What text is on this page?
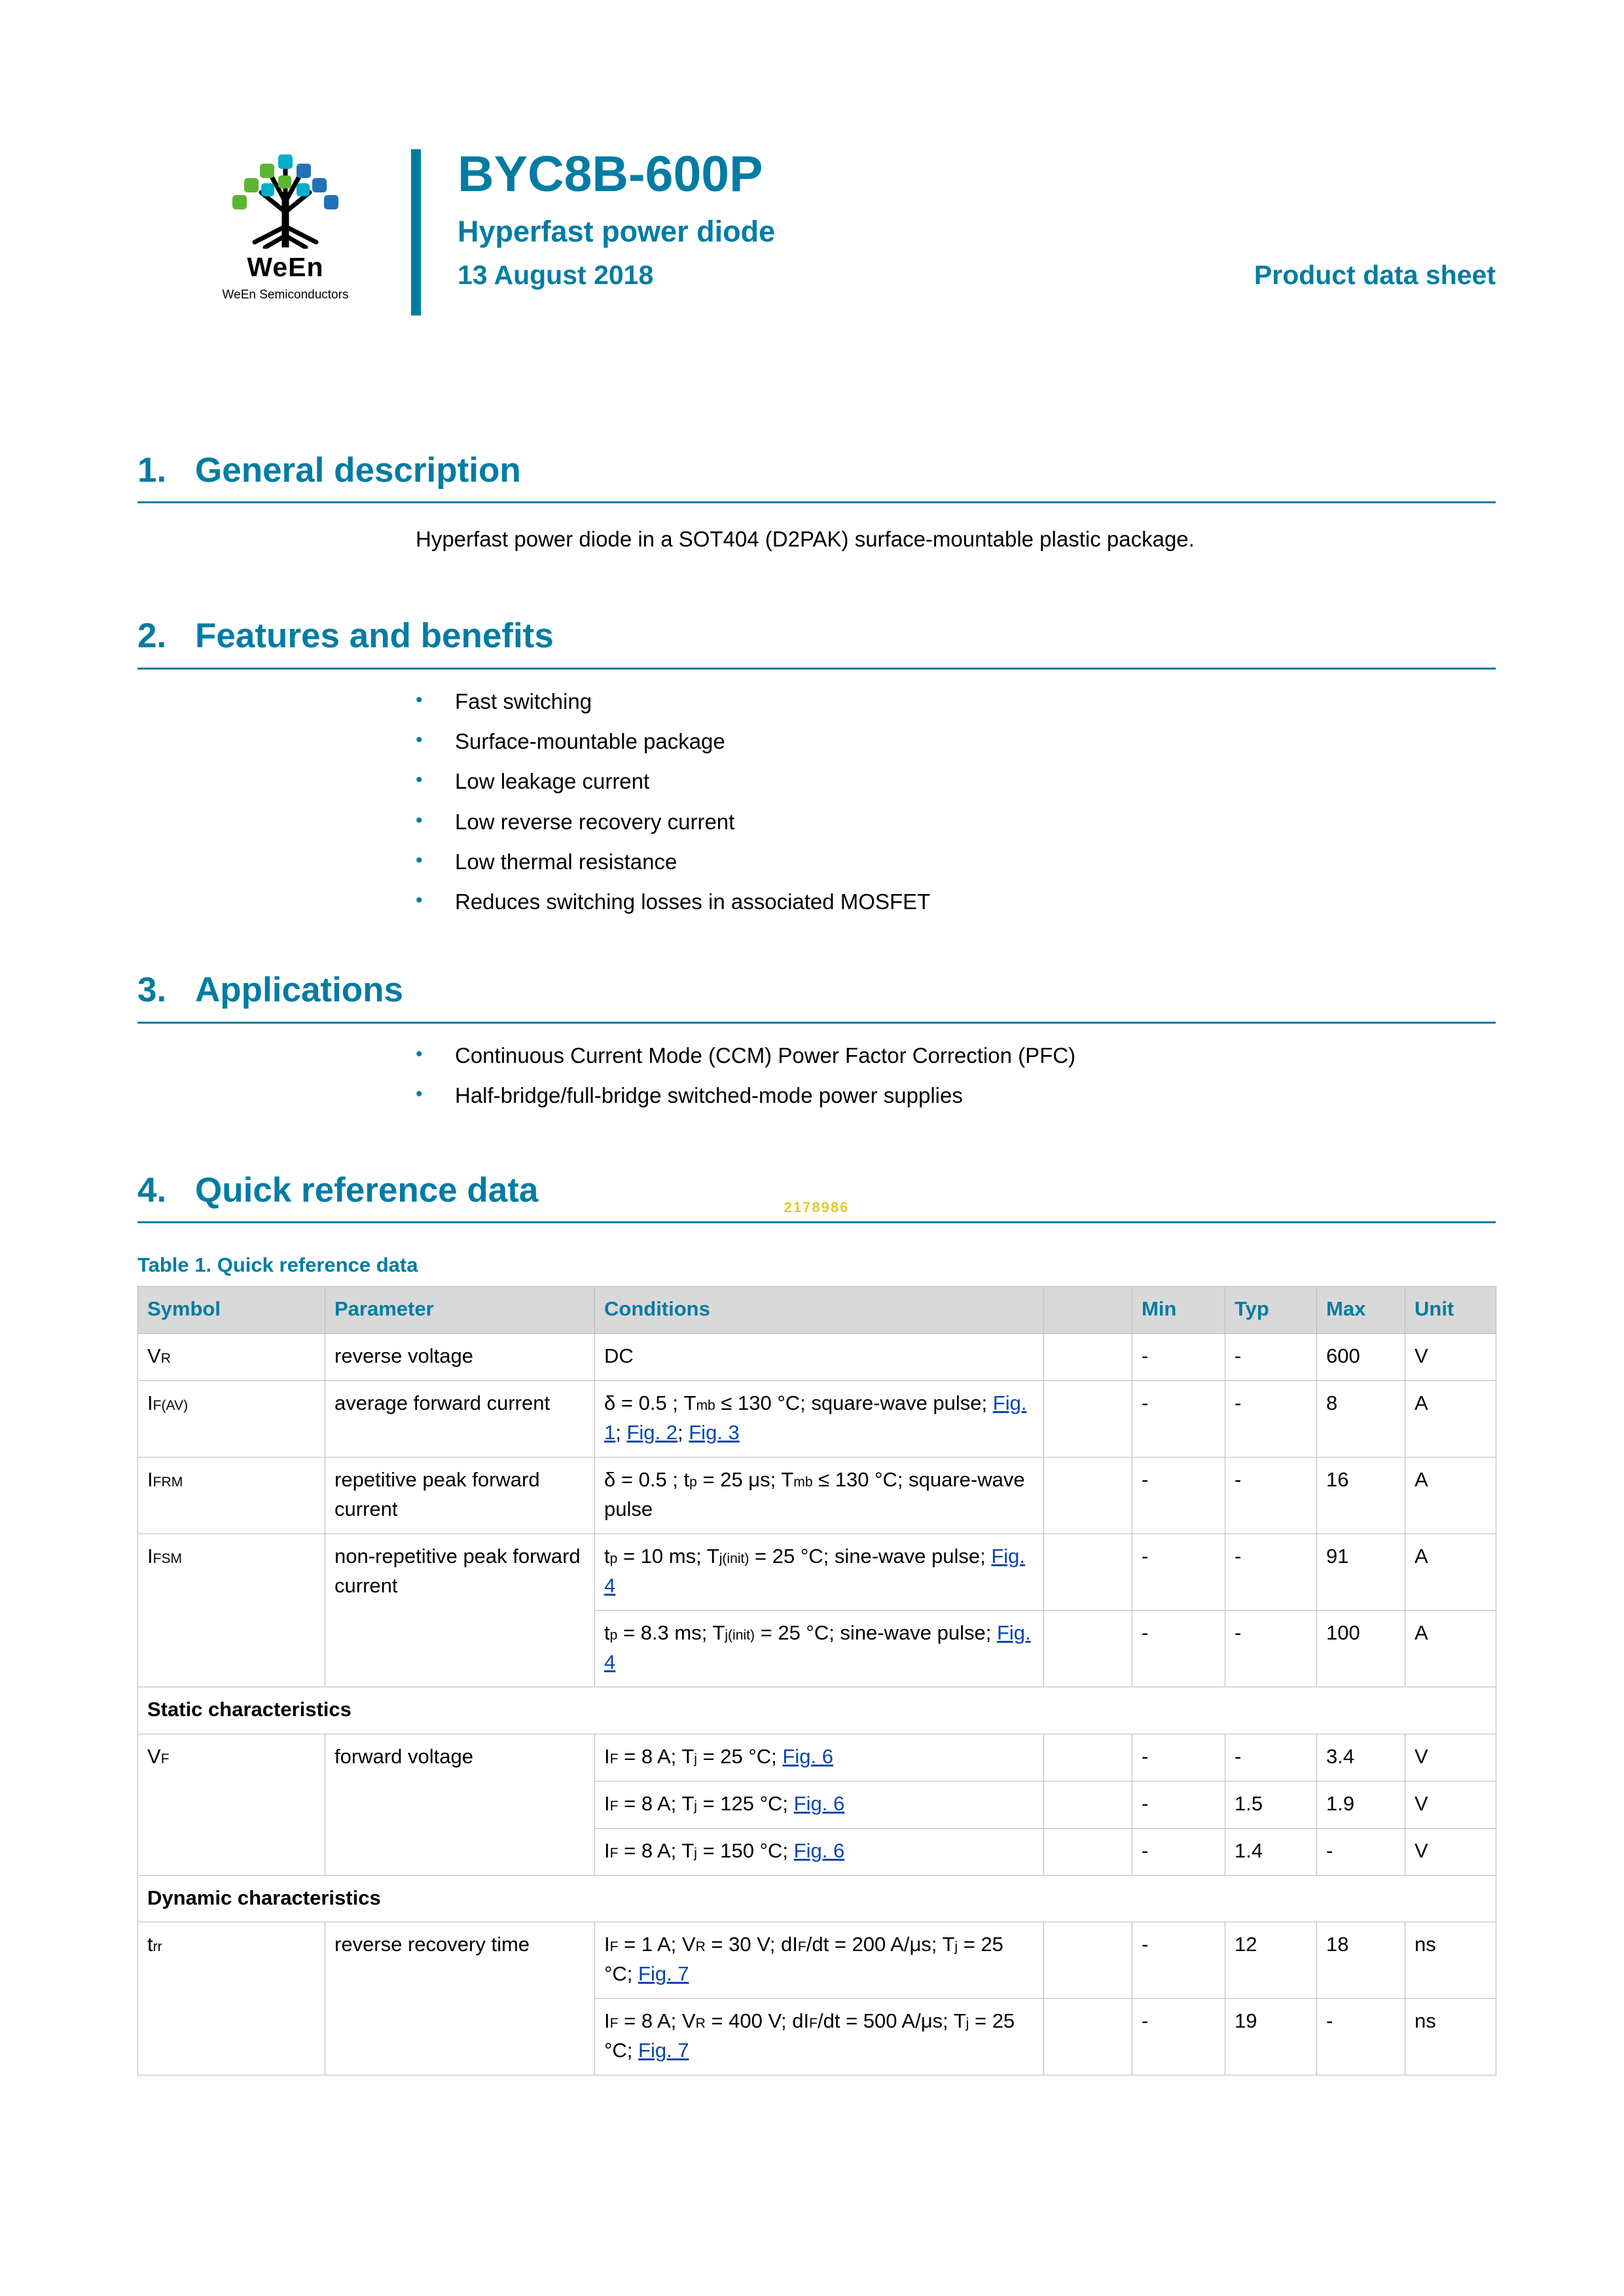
WeEn
WeEn Semiconductors
BYC8B-600P
Hyperfast power diode
13 August 2018	Product data sheet
1. General description

Hyperfast power diode in a SOT404 (D2PAK) surface-mountable plastic package.

2. Features and benefits
•	Fast switching
•	Surface-mountable package
•	Low leakage current
•	Low reverse recovery current
•	Low thermal resistance
•	Reduces switching losses in associated MOSFET
3. Applications
•	Continuous Current Mode (CCM) Power Factor Correction (PFC)
•	Half-bridge/full-bridge switched-mode power supplies
4. Quick reference data	2178986
Table 1. Quick reference data
Symbol	Parameter	Conditions		Min	Typ	Max	Unit
$V_R$	reverse voltage	DC		-	-	600	V
$I_{F(AV)}$	average forward current	δ = 0.5 ; $T_{mb} \le 130$ °C; square-wave pulse; Fig. 1; Fig. 2; Fig. 3		-	-	8	A
$I_{FRM}$	repetitive peak forward current	δ = 0.5 ; $t_p = 25$ μs; $T_{mb} \le 130$ °C; square-wave pulse		-	-	16	A
$I_{FSM}$	non-repetitive peak forward current	$t_p = 10$ ms; $T_{j(init)} = 25$ °C; sine-wave pulse; Fig. 4		-	-	91	A
		$t_p = 8.3$ ms; $T_{j(init)} = 25$ °C; sine-wave pulse; Fig. 4		-	-	100	A
Static characteristics							
$V_F$	forward voltage	$I_F = 8$ A; $T_j = 25$ °C; Fig. 6		-	-	3.4	V
		$I_F = 8$ A; $T_j = 125$ °C; Fig. 6		-	1.5	1.9	V
		$I_F = 8$ A; $T_j = 150$ °C; Fig. 6		-	1.4	-	V
Dynamic characteristics							
$t_{rr}$	reverse recovery time	$I_F = 1$ A; $V_R = 30$ V; $dI_F/dt = 200$ A/μs; $T_j = 25$ °C; Fig. 7		-	12	18	ns
		$I_F = 8$ A; $V_R = 400$ V; $dI_F/dt = 500$ A/μs; $T_j = 25$ °C; Fig. 7		-	19	-	ns
